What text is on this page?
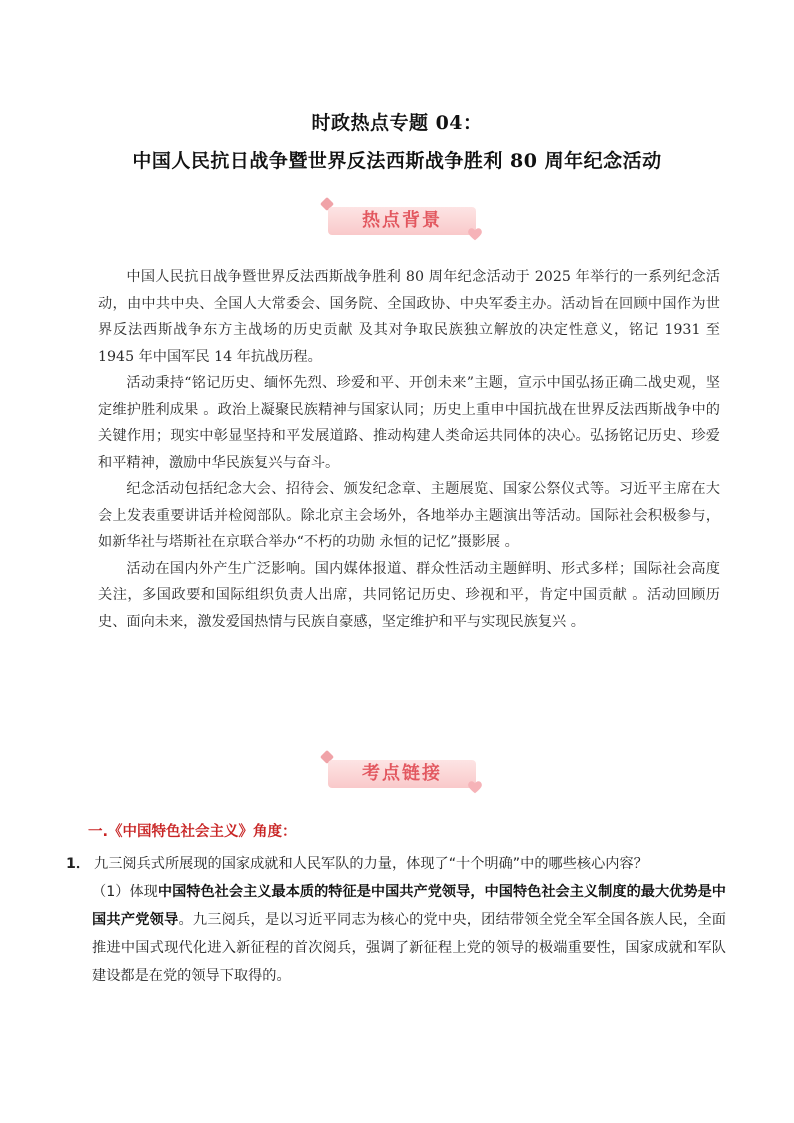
时政热点专题 04：
中国人民抗日战争暨世界反法西斯战争胜利 80 周年纪念活动
热点背景

中国人民抗日战争暨世界反法西斯战争胜利 80 周年纪念活动于 2025 年举行的一系列纪念活动，由中共中央、全国人大常委会、国务院、全国政协、中央军委主办。活动旨在回顾中国作为世界反法西斯战争东方主战场的历史贡献 及其对争取民族独立解放的决定性意义，铭记 1931 至 1945 年中国军民 14 年抗战历程。

活动秉持“铭记历史、缅怀先烈、珍爱和平、开创未来”主题，宣示中国弘扬正确二战史观，坚定维护胜利成果 。政治上凝聚民族精神与国家认同；历史上重申中国抗战在世界反法西斯战争中的关键作用；现实中彰显坚持和平发展道路、推动构建人类命运共同体的决心。弘扬铭记历史、珍爱和平精神，激励中华民族复兴与奋斗。

纪念活动包括纪念大会、招待会、颁发纪念章、主题展览、国家公祭仪式等。习近平主席在大会上发表重要讲话并检阅部队。除北京主会场外，各地举办主题演出等活动。国际社会积极参与，如新华社与塔斯社在京联合举办“不朽的功勋 永恒的记忆”摄影展 。

活动在国内外产生广泛影响。国内媒体报道、群众性活动主题鲜明、形式多样；国际社会高度关注，多国政要和国际组织负责人出席，共同铭记历史、珍视和平，肯定中国贡献 。活动回顾历史、面向未来，激发爱国热情与民族自豪感，坚定维护和平与实现民族复兴 。

考点链接
一.《中国特色社会主义》角度：
1． 九三阅兵式所展现的国家成就和人民军队的力量，体现了“十个明确”中的哪些核心内容？
（1）体现中国特色社会主义最本质的特征是中国共产党领导，中国特色社会主义制度的最大优势是中国共产党领导。九三阅兵，是以习近平同志为核心的党中央，团结带领全党全军全国各族人民，全面推进中国式现代化进入新征程的首次阅兵，强调了新征程上党的领导的极端重要性，国家成就和军队建设都是在党的领导下取得的。
